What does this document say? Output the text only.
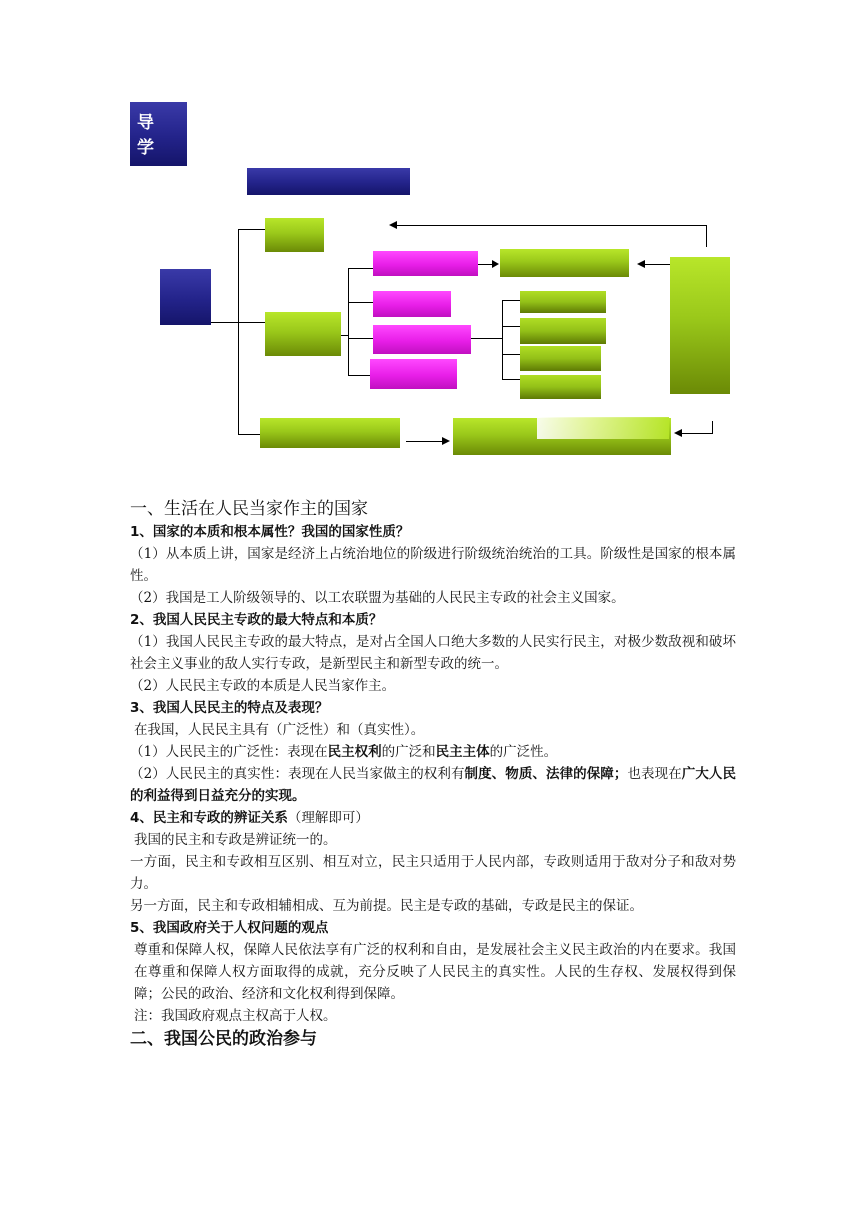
导 学

一、生活在人民当家作主的国家

1、国家的本质和根本属性？我国的国家性质？

（1）从本质上讲，国家是经济上占统治地位的阶级进行阶级统治统治的工具。阶级性是国家的根本属性。

（2）我国是工人阶级领导的、以工农联盟为基础的人民民主专政的社会主义国家。

2、我国人民民主专政的最大特点和本质？

（1）我国人民民主专政的最大特点，是对占全国人口绝大多数的人民实行民主，对极少数敌视和破坏社会主义事业的敌人实行专政，是新型民主和新型专政的统一。

（2）人民民主专政的本质是人民当家作主。

3、我国人民民主的特点及表现？

在我国，人民民主具有（广泛性）和（真实性）。

（1）人民民主的广泛性：表现在民主权利的广泛和民主主体的广泛性。

（2）人民民主的真实性：表现在人民当家做主的权利有制度、物质、法律的保障；也表现在广大人民的利益得到日益充分的实现。

4、民主和专政的辨证关系（理解即可）

我国的民主和专政是辨证统一的。

一方面，民主和专政相互区别、相互对立，民主只适用于人民内部，专政则适用于敌对分子和敌对势力。

另一方面，民主和专政相辅相成、互为前提。民主是专政的基础，专政是民主的保证。

5、我国政府关于人权问题的观点

尊重和保障人权，保障人民依法享有广泛的权利和自由，是发展社会主义民主政治的内在要求。我国在尊重和保障人权方面取得的成就，充分反映了人民民主的真实性。人民的生存权、发展权得到保障；公民的政治、经济和文化权利得到保障。

注：我国政府观点主权高于人权。

二、我国公民的政治参与
